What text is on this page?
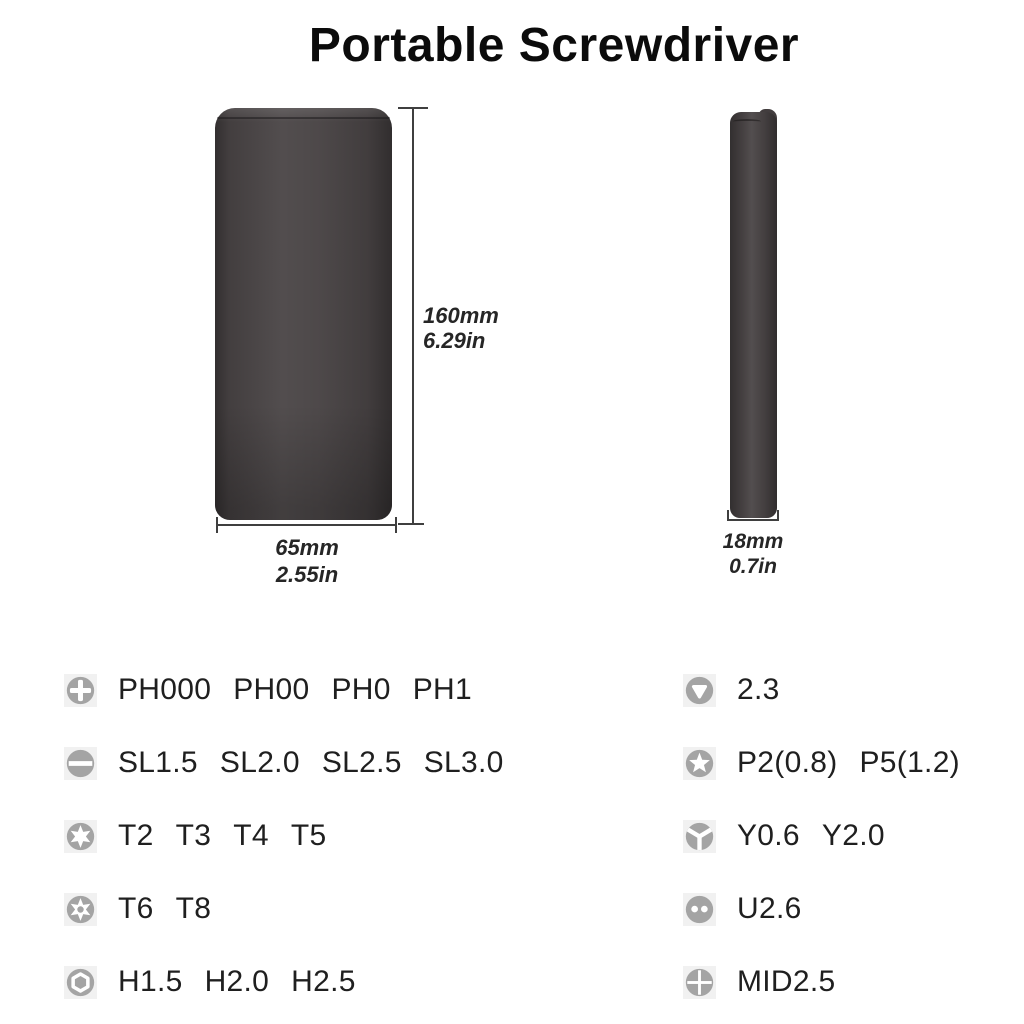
Portable Screwdriver
160mm
6.29in
65mm
2.55in
18mm
0.7in
PH000 PH00 PH0 PH1
SL1.5 SL2.0 SL2.5 SL3.0
T2 T3 T4 T5
T6 T8
H1.5 H2.0 H2.5
2.3
P2(0.8) P5(1.2)
Y0.6 Y2.0
U2.6
MID2.5
